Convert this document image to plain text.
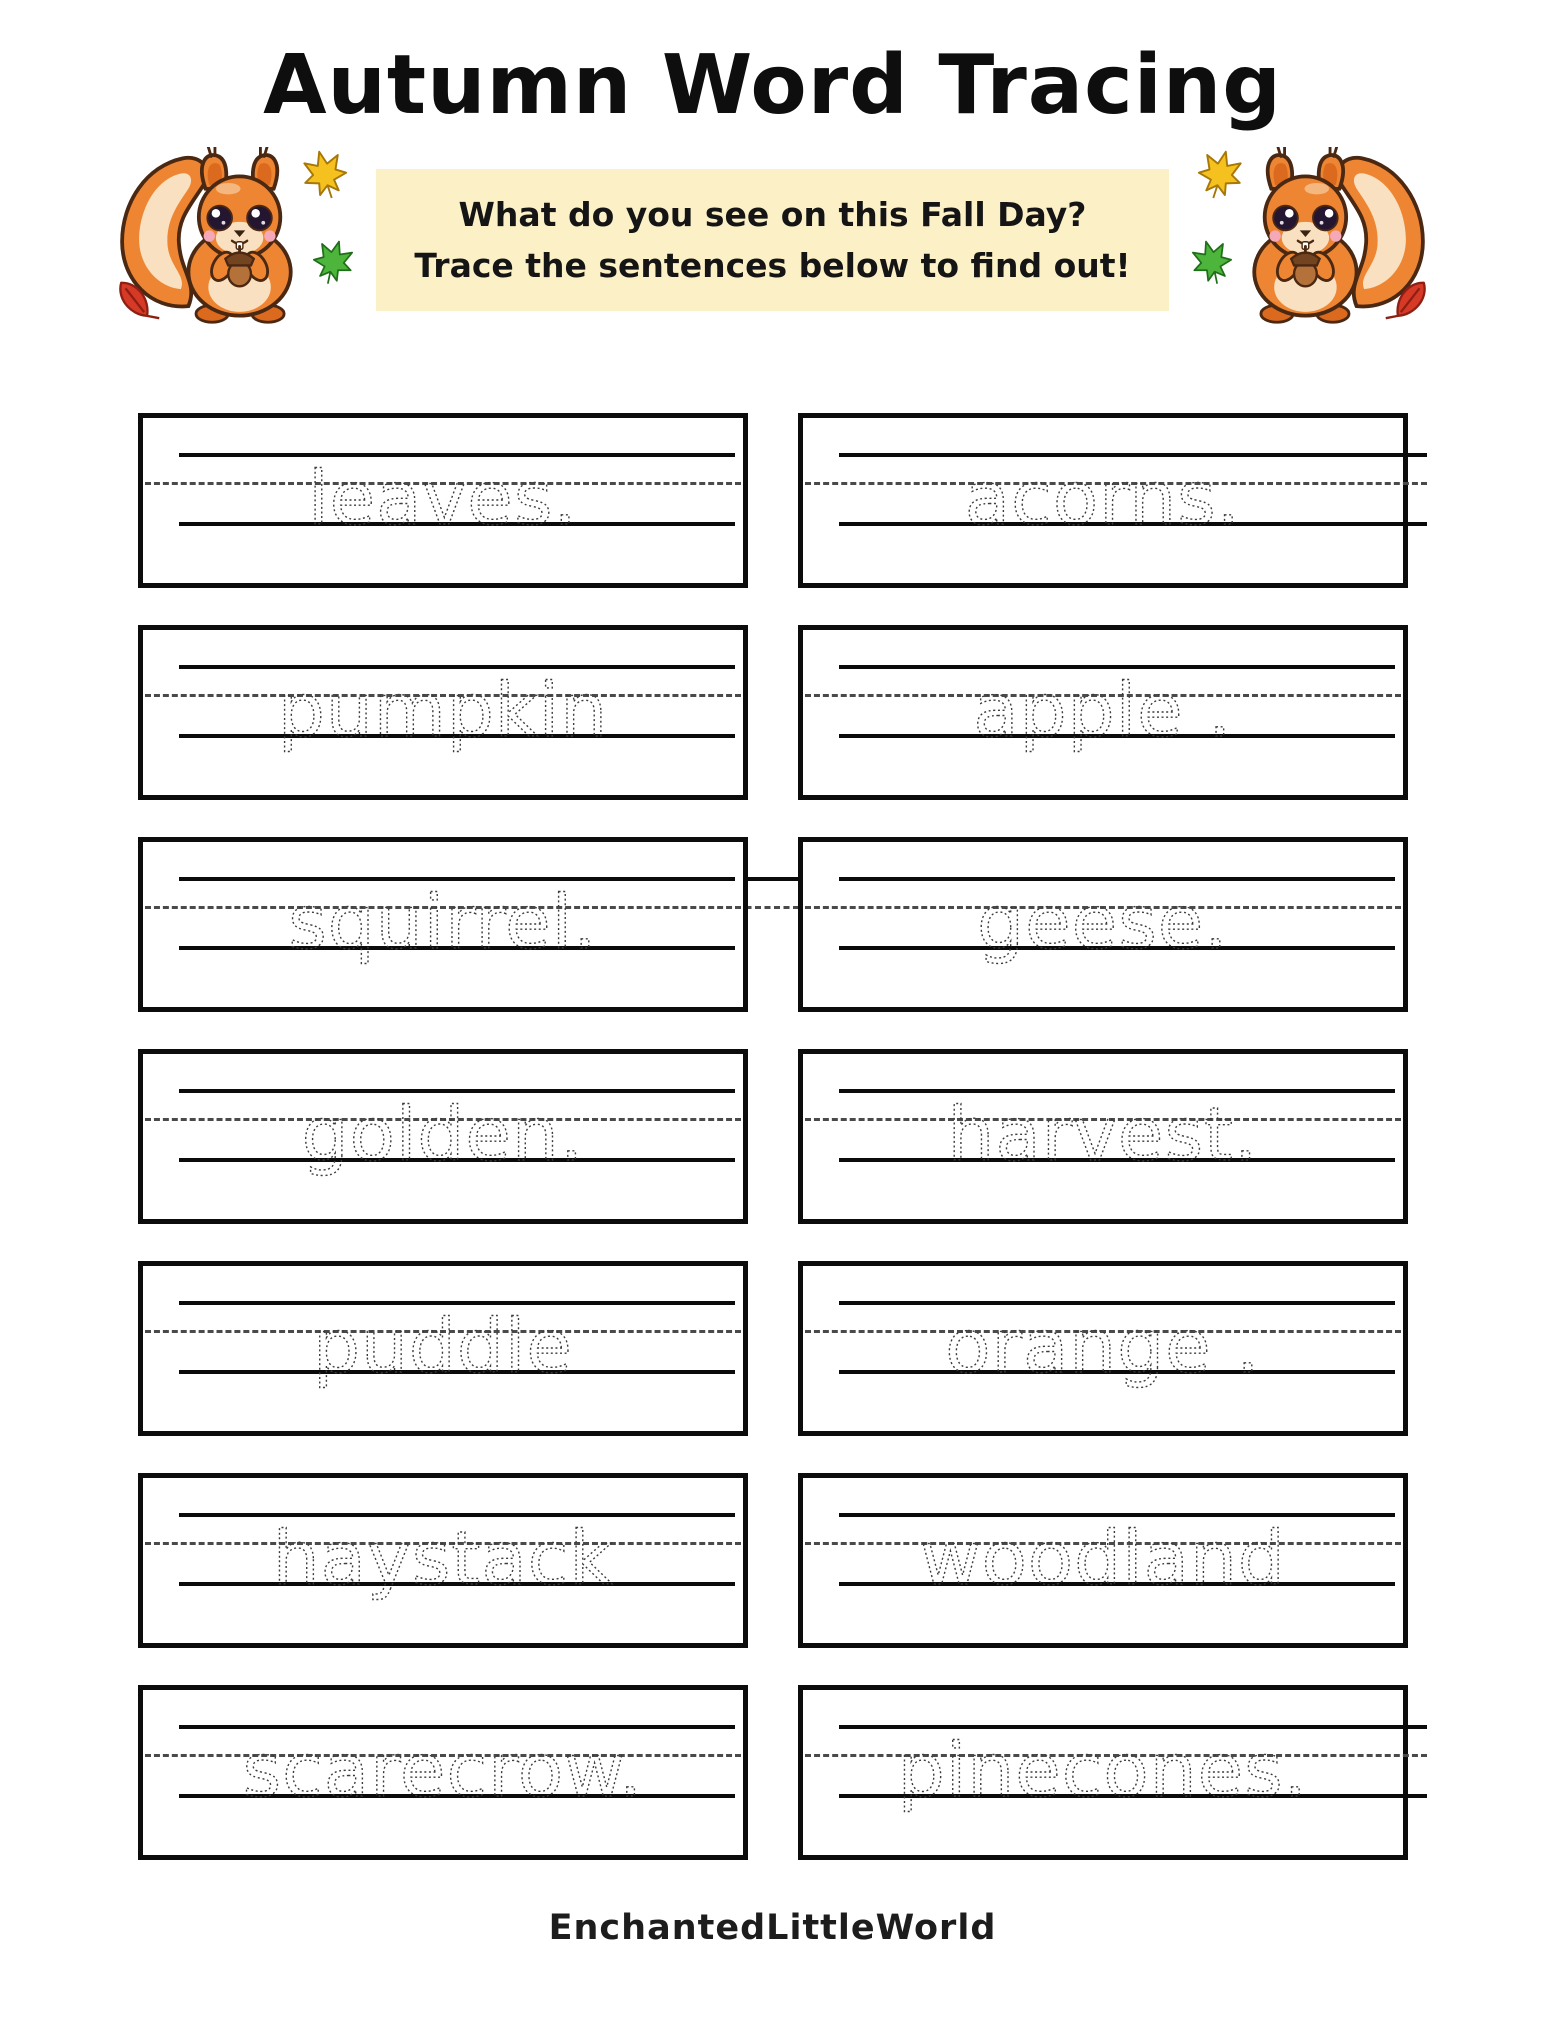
Autumn Word Tracing

What do you see on this Fall Day?

Trace the sentences below to find out!

leaves.	acorns.
pumpkin	apple .
squirrel.	geese.
golden.	harvest.
puddle	orange .
haystack	woodland
scarecrow.	pinecones.
EnchantedLittleWorld
